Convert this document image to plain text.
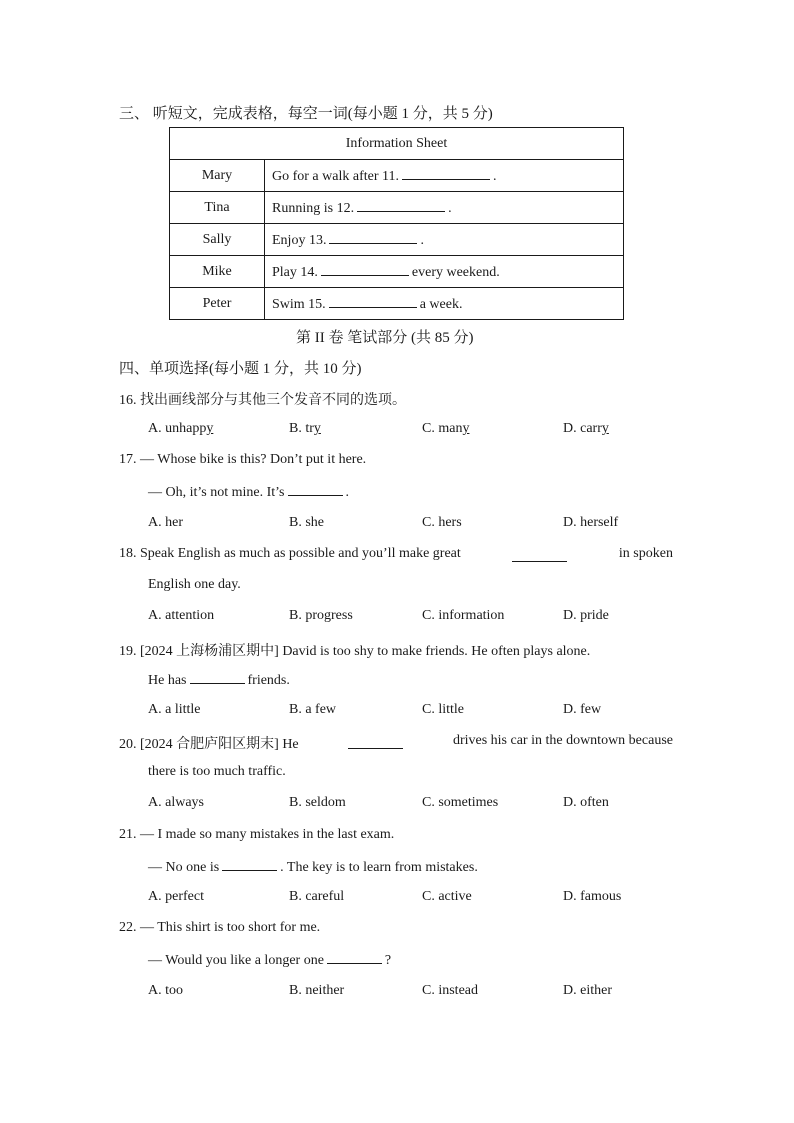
三、 听短文，完成表格，每空一词(每小题 1 分，共 5 分)
Information Sheet	
Mary	Go for a walk after 11. .
Tina	Running is 12. .
Sally	Enjoy 13. .
Mike	Play 14. every weekend.
Peter	Swim 15. a week.
第 II 卷 笔试部分 (共 85 分)
四、单项选择(每小题 1 分，共 10 分)
16. 找出画线部分与其他三个发音不同的选项。
A. unhappy	B. try	C. many	D. carry
17. — Whose bike is this? Don’t put it here.
— Oh, it’s not mine. It’s	.
A. her	B. she	C. hers	D. herself
18. Speak English as much as possible and you’ll make great	in spoken
English one day.
A. attention	B. progress	C. information	D. pride
19. [2024 上海杨浦区期中] David is too shy to make friends. He often plays alone.
He has	friends.
A. a little	B. a few	C. little	D. few
20. [2024 合肥庐阳区期末] He	drives his car in the downtown because
there is too much traffic.
A. always	B. seldom	C. sometimes	D. often
21. — I made so many mistakes in the last exam.
— No one is	. The key is to learn from mistakes.
A. perfect	B. careful	C. active	D. famous
22. — This shirt is too short for me.
— Would you like a longer one	?
A. too	B. neither	C. instead	D. either
